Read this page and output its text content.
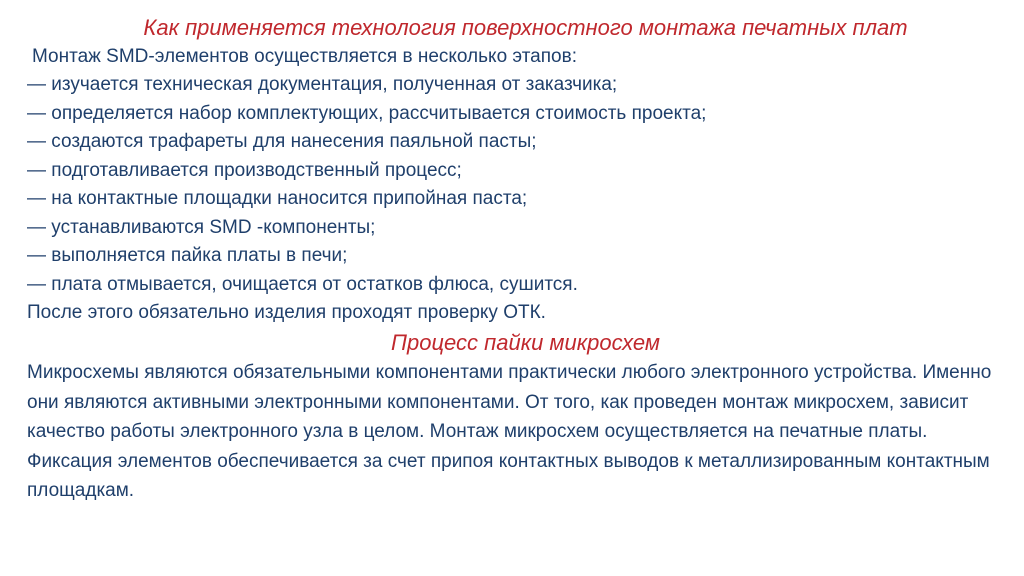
Как применяется технология поверхностного монтажа печатных плат

Монтаж SMD-элементов осуществляется в несколько этапов:

— изучается техническая документация, полученная от заказчика;
— определяется набор комплектующих, рассчитывается стоимость проекта;
— создаются трафареты для нанесения паяльной пасты;
— подготавливается производственный процесс;
— на контактные площадки наносится припойная паста;
— устанавливаются SMD -компоненты;
— выполняется пайка платы в печи;
— плата отмывается, очищается от остатков флюса, сушится.

После этого обязательно изделия проходят проверку ОТК.

Процесс пайки микросхем

Микросхемы являются обязательными компонентами практически любого электронного устройства. Именно они являются активными электронными компонентами. От того, как проведен монтаж микросхем, зависит качество работы электронного узла в целом. Монтаж микросхем осуществляется на печатные платы. Фиксация элементов обеспечивается за счет припоя контактных выводов к металлизированным контактным площадкам.
